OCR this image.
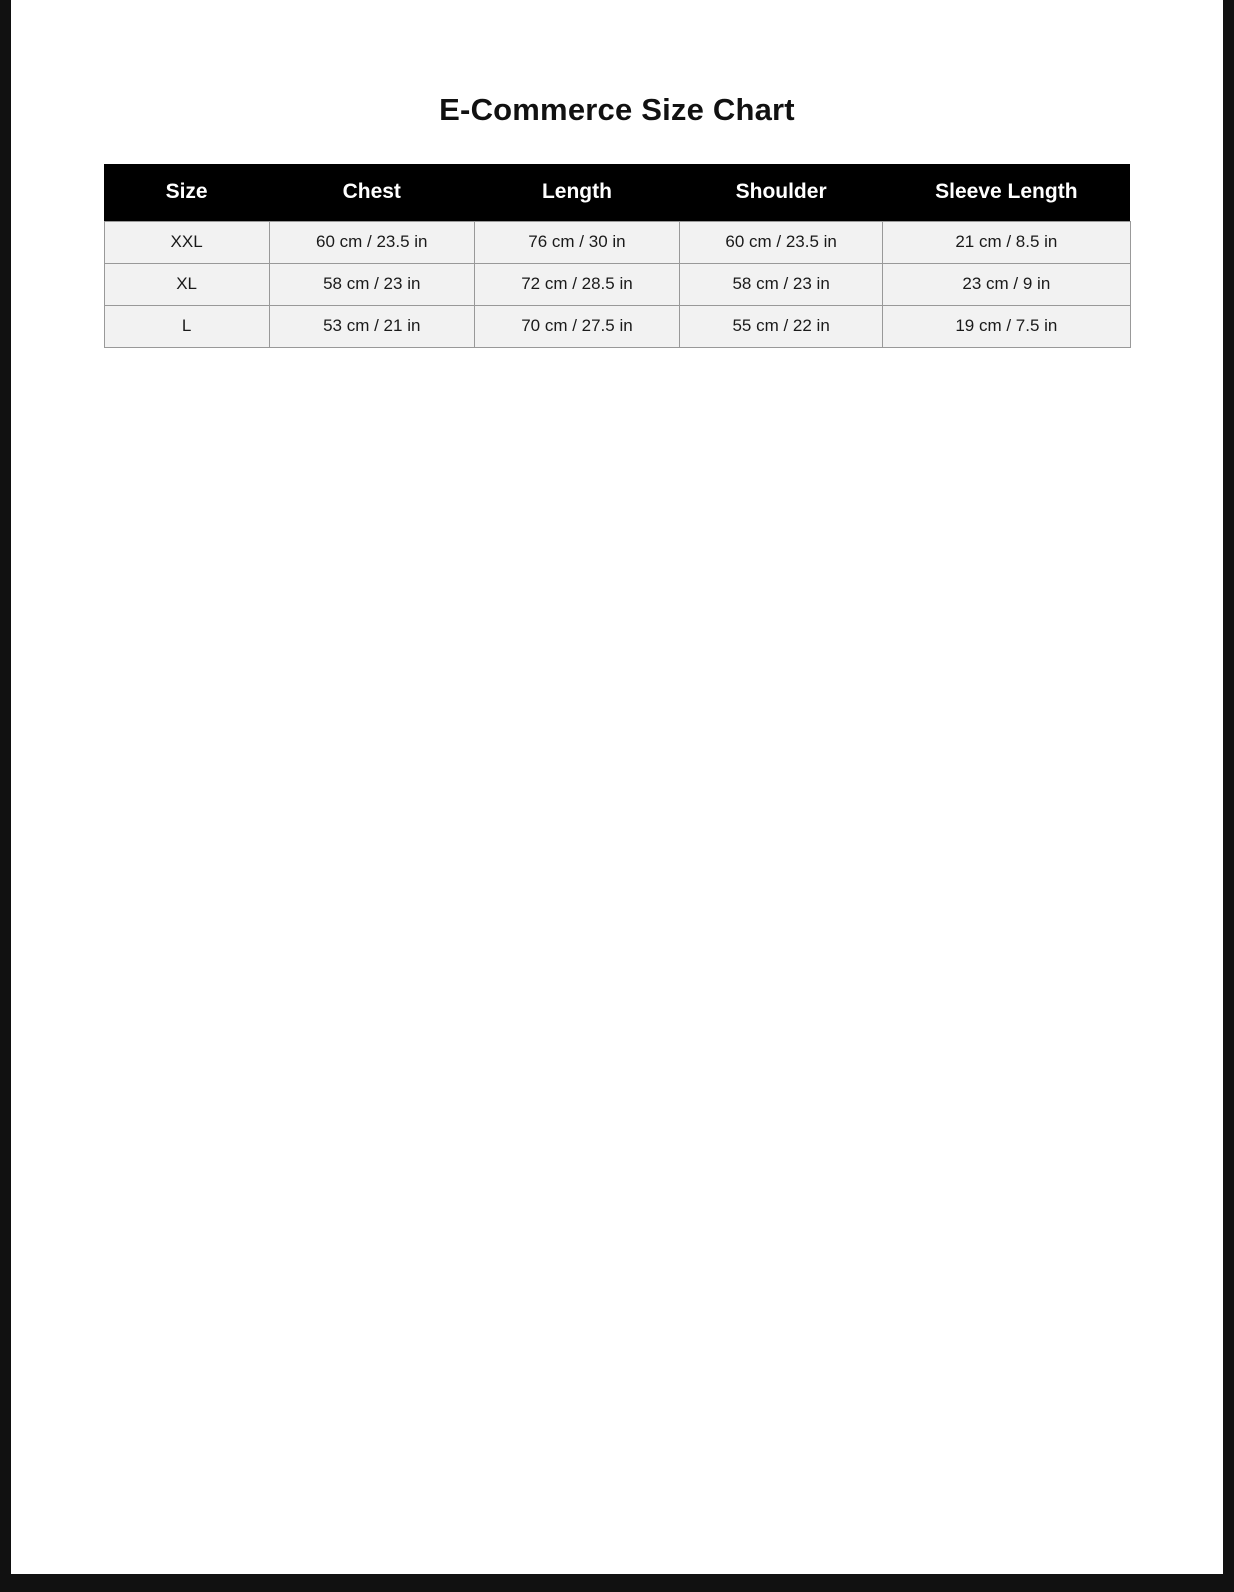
E-Commerce Size Chart
Size	Chest	Length	Shoulder	Sleeve Length
XXL	60 cm / 23.5 in	76 cm / 30 in	60 cm / 23.5 in	21 cm / 8.5 in
XL	58 cm / 23 in	72 cm / 28.5 in	58 cm / 23 in	23 cm / 9 in
L	53 cm / 21 in	70 cm / 27.5 in	55 cm / 22 in	19 cm / 7.5 in
